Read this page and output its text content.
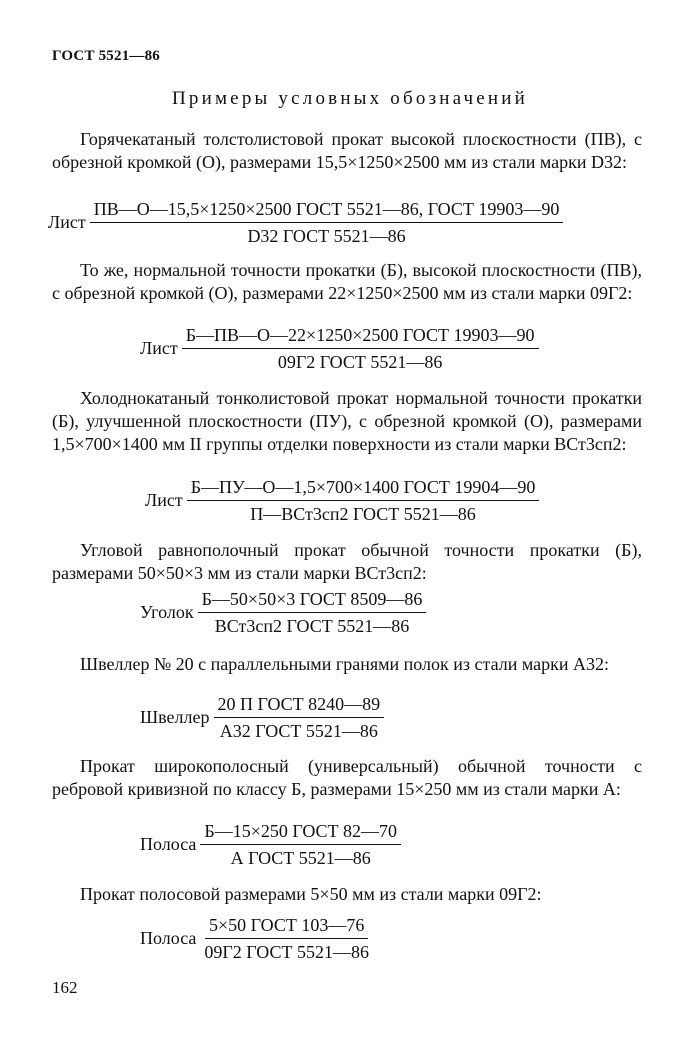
ГОСТ 5521—86
Примеры условных обозначений
Горячекатаный толстолистовой прокат высокой плоскостности (ПВ), с обрезной кромкой (О), размерами 15,5×1250×2500 мм из стали марки D32:
Лист $\frac{\text{ПВ—О—15,5×1250×2500 ГОСТ 5521—86, ГОСТ 19903—90}}{\text{D32 ГОСТ 5521—86}}$
То же, нормальной точности прокатки (Б), высокой плоскостности (ПВ), с обрезной кромкой (О), размерами 22×1250×2500 мм из стали марки 09Г2:
Лист $\frac{\text{Б—ПВ—О—22×1250×2500 ГОСТ 19903—90}}{\text{09Г2 ГОСТ 5521—86}}$
Холоднокатаный тонколистовой прокат нормальной точности прокатки (Б), улучшенной плоскостности (ПУ), с обрезной кромкой (О), размерами 1,5×700×1400 мм II группы отделки поверхности из стали марки ВСт3сп2:
Лист $\frac{\text{Б—ПУ—О—1,5×700×1400 ГОСТ 19904—90}}{\text{П—ВСт3сп2 ГОСТ 5521—86}}$
Угловой равнополочный прокат обычной точности прокатки (Б), размерами 50×50×3 мм из стали марки ВСт3сп2:
Уголок $\frac{\text{Б—50×50×3 ГОСТ 8509—86}}{\text{ВСт3сп2 ГОСТ 5521—86}}$
Швеллер № 20 с параллельными гранями полок из стали марки А32:
Швеллер $\frac{\text{20 П ГОСТ 8240—89}}{\text{А32 ГОСТ 5521—86}}$
Прокат широкополосный (универсальный) обычной точности с ребровой кривизной по классу Б, размерами 15×250 мм из стали марки А:
Полоса $\frac{\text{Б—15×250 ГОСТ 82—70}}{\text{А ГОСТ 5521—86}}$
Прокат полосовой размерами 5×50 мм из стали марки 09Г2:
Полоса $\frac{\text{5×50 ГОСТ 103—76}}{\text{09Г2 ГОСТ 5521—86}}$
162
